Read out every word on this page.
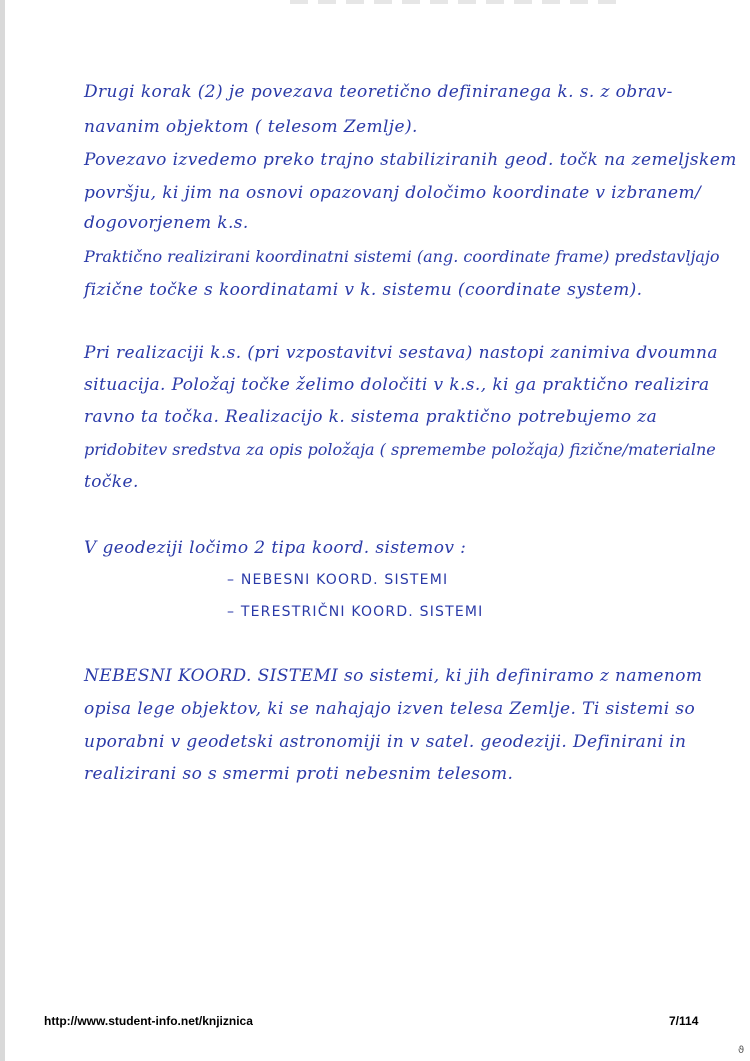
Drugi korak (2) je povezava teoretično definiranega k. s. z obrav-
navanim objektom ( telesom Zemlje).
Povezavo izvedemo preko trajno stabiliziranih geod. točk na zemeljskem
površju, ki jim na osnovi opazovanj določimo koordinate v izbranem/
dogovorjenem k.s.
Praktično realizirani koordinatni sistemi (ang. coordinate frame) predstavljajo
fizične točke s koordinatami v k. sistemu (coordinate system).
Pri realizaciji k.s. (pri vzpostavitvi sestava) nastopi zanimiva dvoumna
situacija. Položaj točke želimo določiti v k.s., ki ga praktično realizira
ravno ta točka. Realizacijo k. sistema praktično potrebujemo za
pridobitev sredstva za opis položaja ( spremembe položaja) fizične/materialne
točke.
V geodeziji ločimo 2 tipa koord. sistemov :
– NEBESNI KOORD. SISTEMI
– TERESTRIČNI KOORD. SISTEMI
NEBESNI KOORD. SISTEMI so sistemi, ki jih definiramo z namenom
opisa lege objektov, ki se nahajajo izven telesa Zemlje. Ti sistemi so
uporabni v geodetski astronomiji in v satel. geodeziji. Definirani in
realizirani so s smermi proti nebesnim telesom.
http://www.student-info.net/knjiznica	7/114
ϑ
